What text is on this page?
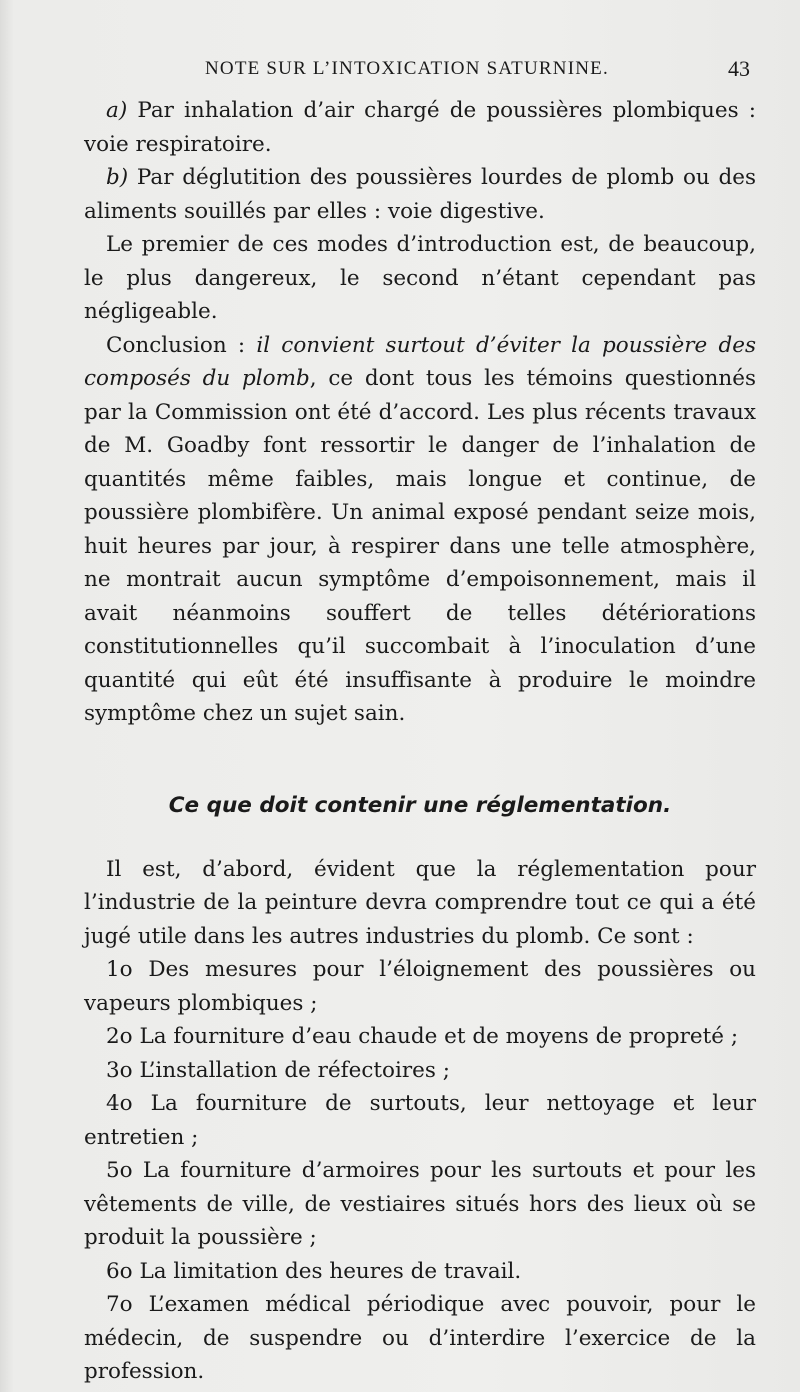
NOTE SUR L’INTOXICATION SATURNINE.	43

a) Par inhalation d’air chargé de poussières plombiques : voie respiratoire.

b) Par déglutition des poussières lourdes de plomb ou des aliments souillés par elles : voie digestive.

Le premier de ces modes d’introduction est, de beaucoup, le plus dangereux, le second n’étant cependant pas négligeable.

Conclusion : il convient surtout d’éviter la poussière des composés du plomb, ce dont tous les témoins questionnés par la Commission ont été d’accord. Les plus récents travaux de M. Goadby font ressortir le danger de l’inhalation de quantités même faibles, mais longue et continue, de poussière plombifère. Un animal exposé pendant seize mois, huit heures par jour, à respirer dans une telle atmosphère, ne montrait aucun symptôme d’empoisonnement, mais il avait néanmoins souffert de telles détériorations constitutionnelles qu’il succombait à l’inoculation d’une quantité qui eût été insuffisante à produire le moindre symptôme chez un sujet sain.

Ce que doit contenir une réglementation.

Il est, d’abord, évident que la réglementation pour l’industrie de la peinture devra comprendre tout ce qui a été jugé utile dans les autres industries du plomb. Ce sont :

1o Des mesures pour l’éloignement des poussières ou vapeurs plombiques ;

2o La fourniture d’eau chaude et de moyens de propreté ;

3o L’installation de réfectoires ;

4o La fourniture de surtouts, leur nettoyage et leur entretien ;

5o La fourniture d’armoires pour les surtouts et pour les vêtements de ville, de vestiaires situés hors des lieux où se produit la poussière ;

6o La limitation des heures de travail.

7o L’examen médical périodique avec pouvoir, pour le médecin, de suspendre ou d’interdire l’exercice de la profession.
